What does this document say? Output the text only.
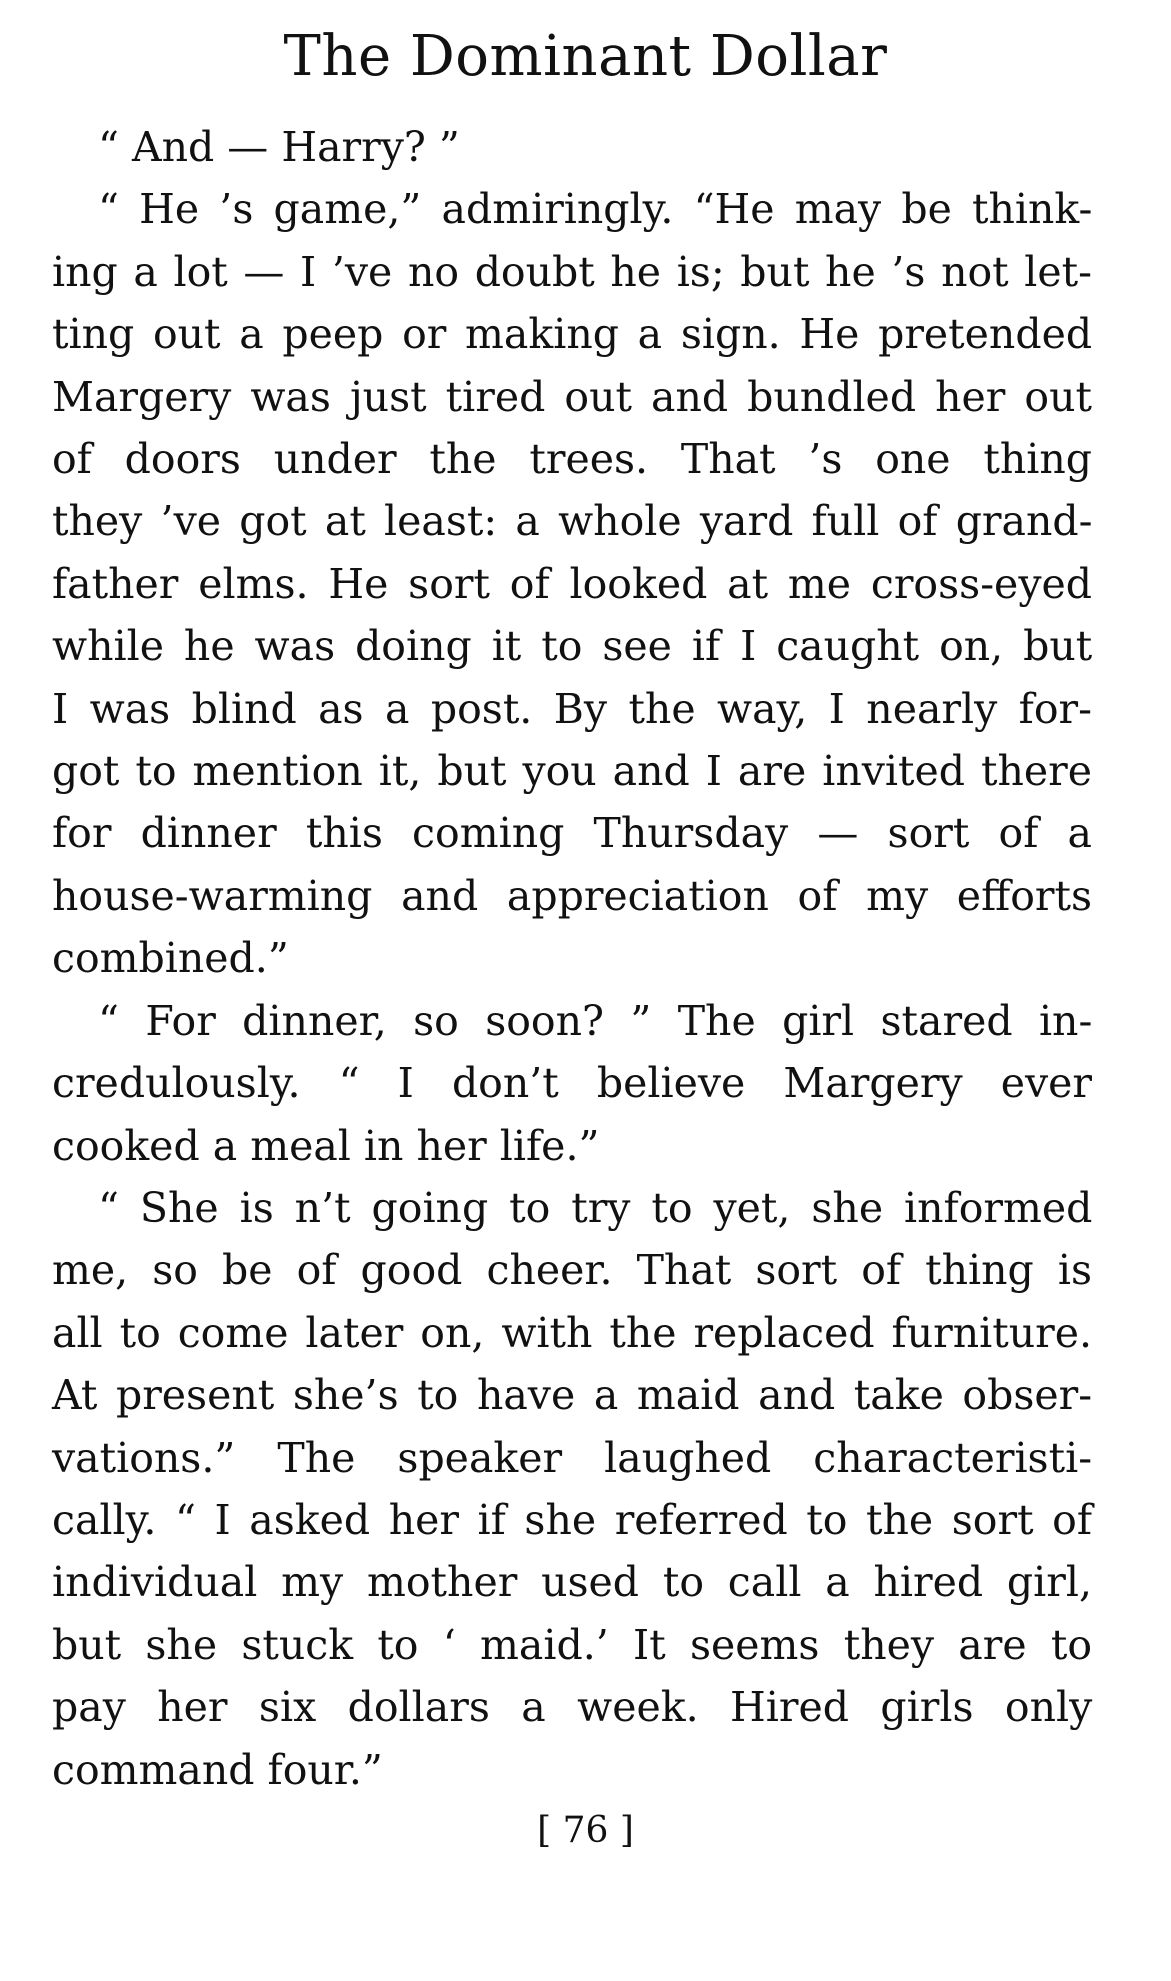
The Dominant Dollar

“ And — Harry? ”

“ He ’s game,” admiringly. “He may be think-
ing a lot — I ’ve no doubt he is; but he ’s not let-
ting out a peep or making a sign. He pretended
Margery was just tired out and bundled her out
of doors under the trees. That ’s one thing
they ’ve got at least: a whole yard full of grand-
father elms. He sort of looked at me cross-eyed
while he was doing it to see if I caught on, but
I was blind as a post. By the way, I nearly for-
got to mention it, but you and I are invited there
for dinner this coming Thursday — sort of a
house-warming and appreciation of my efforts
combined.”

“ For dinner, so soon? ” The girl stared in-
credulously. “ I don’t believe Margery ever
cooked a meal in her life.”

“ She is n’t going to try to yet, she informed
me, so be of good cheer. That sort of thing is
all to come later on, with the replaced furniture.
At present she’s to have a maid and take obser-
vations.” The speaker laughed characteristi-
cally. “ I asked her if she referred to the sort of
individual my mother used to call a hired girl,
but she stuck to ‘ maid.’ It seems they are to
pay her six dollars a week. Hired girls only
command four.”

[ 76 ]
